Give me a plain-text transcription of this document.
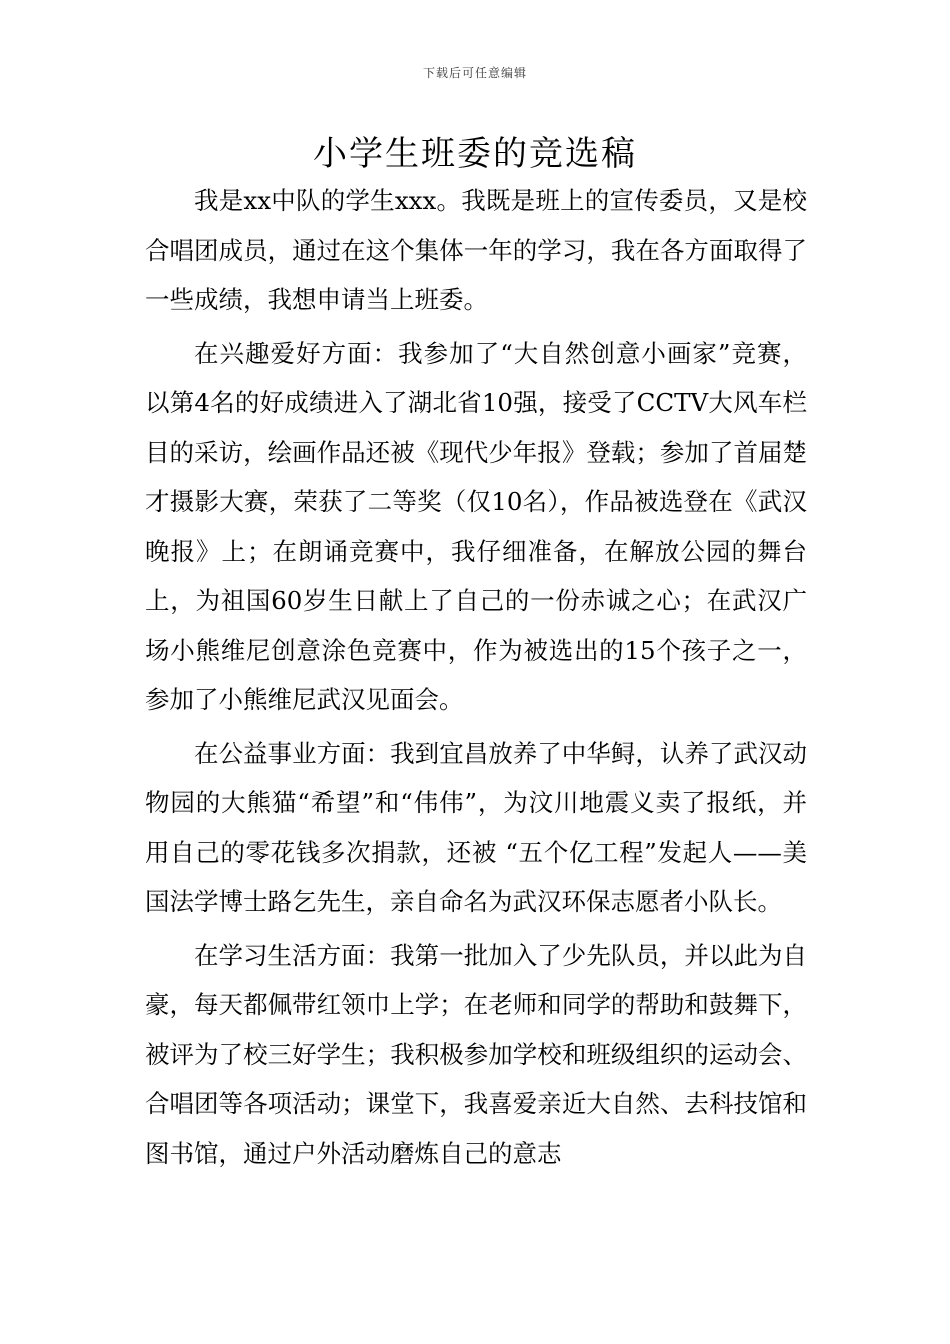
下载后可任意编辑
小学生班委的竞选稿

我是xx中队的学生xxx。我既是班上的宣传委员，又是校合唱团成员，通过在这个集体一年的学习，我在各方面取得了一些成绩，我想申请当上班委。

在兴趣爱好方面：我参加了“大自然创意小画家”竞赛，以第4名的好成绩进入了湖北省10强，接受了CCTV大风车栏目的采访，绘画作品还被《现代少年报》登载；参加了首届楚才摄影大赛，荣获了二等奖（仅10名），作品被选登在《武汉晚报》上；在朗诵竞赛中，我仔细准备，在解放公园的舞台上，为祖国60岁生日献上了自己的一份赤诚之心；在武汉广场小熊维尼创意涂色竞赛中，作为被选出的15个孩子之一，参加了小熊维尼武汉见面会。

在公益事业方面：我到宜昌放养了中华鲟，认养了武汉动物园的大熊猫“希望”和“伟伟”，为汶川地震义卖了报纸，并用自己的零花钱多次捐款，还被 “五个亿工程”发起人——美国法学博士路乞先生，亲自命名为武汉环保志愿者小队长。

在学习生活方面：我第一批加入了少先队员，并以此为自豪，每天都佩带红领巾上学；在老师和同学的帮助和鼓舞下，被评为了校三好学生；我积极参加学校和班级组织的运动会、合唱团等各项活动；课堂下，我喜爱亲近大自然、去科技馆和图书馆，通过户外活动磨炼自己的意志
